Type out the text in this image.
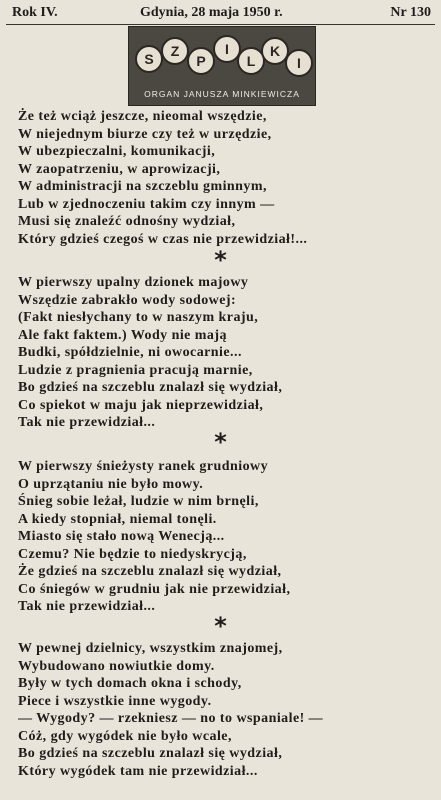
Rok IV.	Gdynia, 28 maja 1950 r.	Nr 130
S	Z
P
I
L
K
I
ORGAN JANUSZA MINKIEWICZA
Że też wciąż jeszcze, nieomal wszędzie,
W niejednym biurze czy też w urzędzie,
W ubezpieczalni, komunikacji,
W zaopatrzeniu, w aprowizacji,
W administracji na szczeblu gminnym,
Lub w zjednoczeniu takim czy innym —
Musi się znaleźć odnośny wydział,
Który gdzieś czegoś w czas nie przewidział!...
*
W pierwszy upalny dzionek majowy
Wszędzie zabrakło wody sodowej:
(Fakt niesłychany to w naszym kraju,
Ale fakt faktem.) Wody nie mają
Budki, spółdzielnie, ni owocarnie...
Ludzie z pragnienia pracują marnie,
Bo gdzieś na szczeblu znalazł się wydział,
Co spiekot w maju jak nieprzewidział,
Tak nie przewidział...
*
W pierwszy śnieżysty ranek grudniowy
O uprzątaniu nie było mowy.
Śnieg sobie leżał, ludzie w nim brnęli,
A kiedy stopniał, niemal tonęli.
Miasto się stało nową Wenecją...
Czemu? Nie będzie to niedyskrycją,
Że gdzieś na szczeblu znalazł się wydział,
Co śniegów w grudniu jak nie przewidział,
Tak nie przewidział...
*
W pewnej dzielnicy, wszystkim znajomej,
Wybudowano nowiutkie domy.
Były w tych domach okna i schody,
Piece i wszystkie inne wygody.
— Wygody? — rzekniesz — no to wspaniale! —
Cóż, gdy wygódek nie było wcale,
Bo gdzieś na szczeblu znalazł się wydział,
Który wygódek tam nie przewidział...
